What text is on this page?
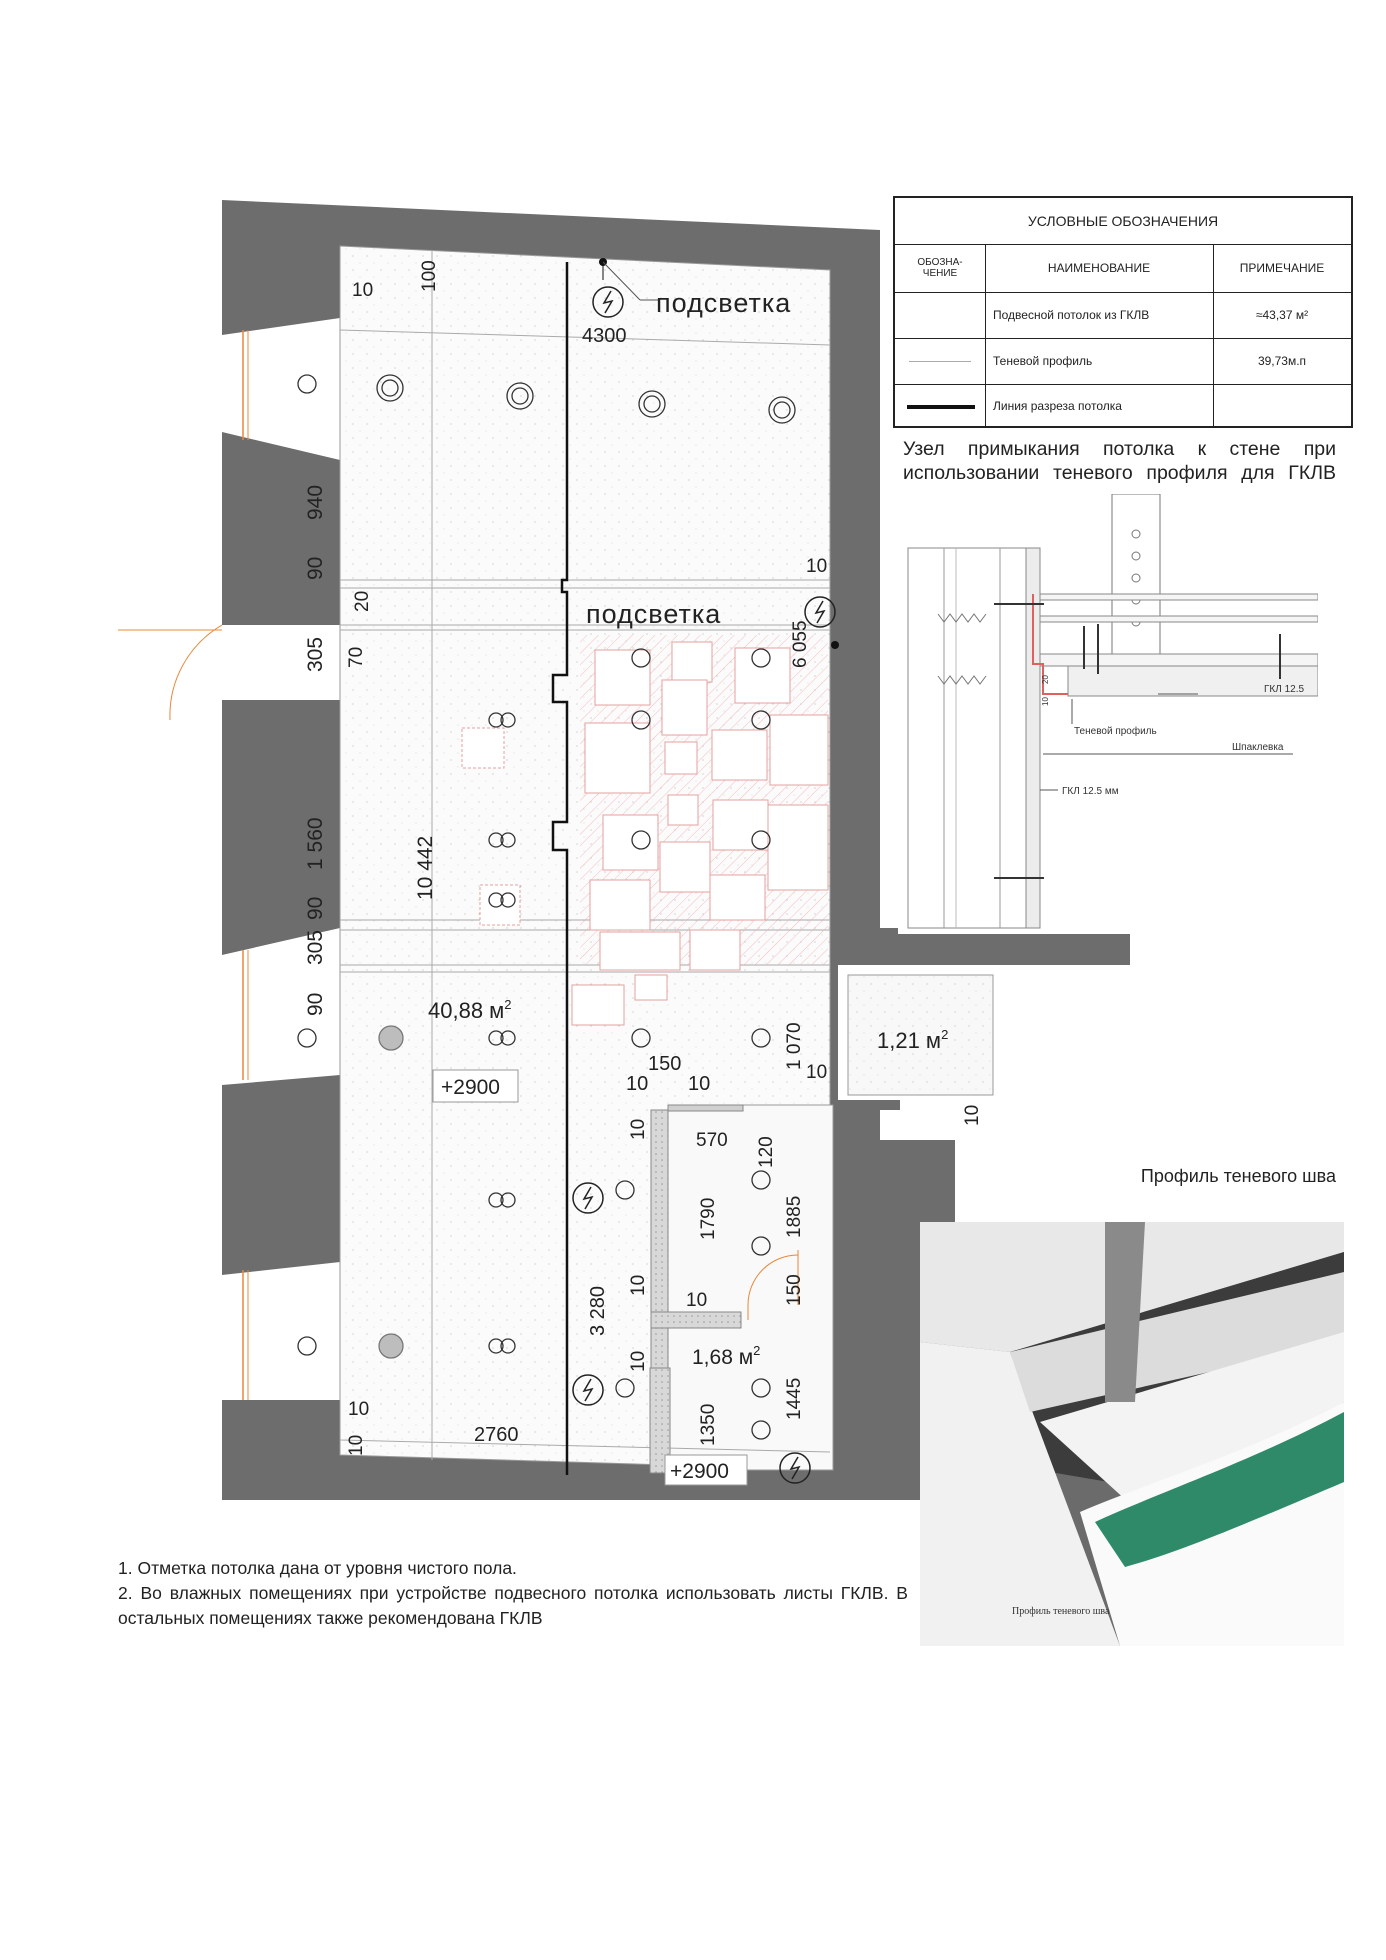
10 100
4300
940
90
20
305 70
10
6 055
1 560	10 442
90
305
90
1 070
10
10
150
10 10
10
570 120
1790	1885
3 280
10
10
150
10
1350
1445
10
2760
10
подсветка
подсветка
40,88 $м^2$
1,21 $м^2$
1,68 $м^2$
+2900
+2900
УСЛОВНЫЕ ОБОЗНАЧЕНИЯ
ОБОЗНА-
ЧЕНИЕ	НАИМЕНОВАНИЕ	ПРИМЕЧАНИЕ
Подвесной потолок из ГКЛВ	≈43,37 м²
Теневой профиль	39,73м.п
Линия разреза потолка
Узел примыкания потолка к стене при использовании теневого профиля для ГКЛВ
ГКЛ 12.5
Теневой профиль
Шпаклевка
ГКЛ 12.5 мм
20
10
Профиль теневого шва
Профиль теневого шва
1. Отметка потолка дана от уровня чистого пола.
2. Во влажных помещениях при устройстве подвесного потолка использовать листы ГКЛВ. В остальных помещениях также рекомендована ГКЛВ
